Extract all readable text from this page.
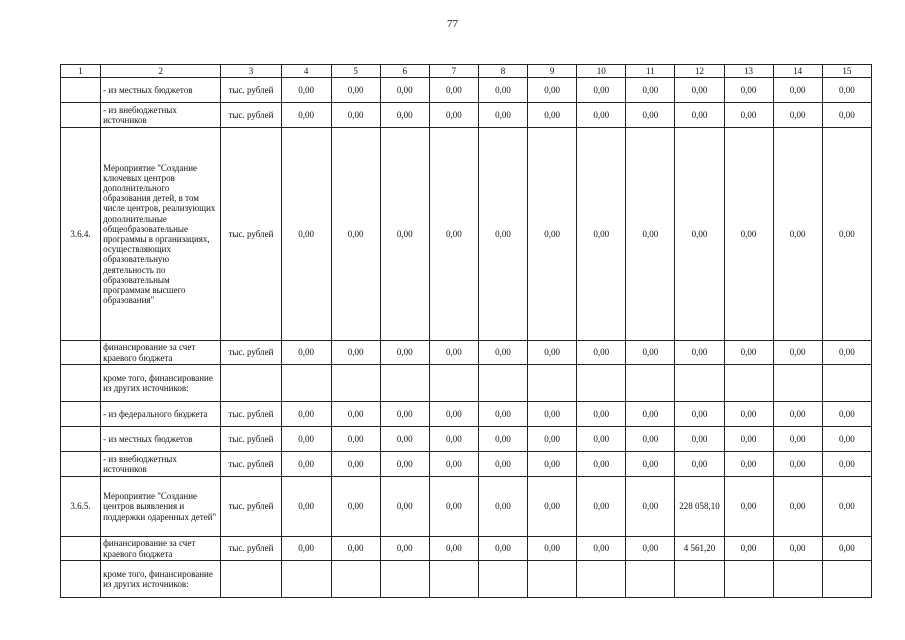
77
1	2	3	4	5	6	7	8	9	10	11	12	13	14	15
	- из местных бюджетов	тыс. рублей	0,00	0,00	0,00	0,00	0,00	0,00	0,00	0,00	0,00	0,00	0,00	0,00
	- из внебюджетных источников	тыс. рублей	0,00	0,00	0,00	0,00	0,00	0,00	0,00	0,00	0,00	0,00	0,00	0,00
3.6.4.	Мероприятие "Создание ключевых центров дополнительного образования детей, в том числе центров, реализующих дополнительные общеобразовательные программы в организациях, осуществляющих образовательную деятельность по образовательным программам высшего образования"	тыс. рублей	0,00	0,00	0,00	0,00	0,00	0,00	0,00	0,00	0,00	0,00	0,00	0,00
	финансирование за счет краевого бюджета	тыс. рублей	0,00	0,00	0,00	0,00	0,00	0,00	0,00	0,00	0,00	0,00	0,00	0,00
	кроме того, финансирование из других источников:													
	- из федерального бюджета	тыс. рублей	0,00	0,00	0,00	0,00	0,00	0,00	0,00	0,00	0,00	0,00	0,00	0,00
	- из местных бюджетов	тыс. рублей	0,00	0,00	0,00	0,00	0,00	0,00	0,00	0,00	0,00	0,00	0,00	0,00
	- из внебюджетных источников	тыс. рублей	0,00	0,00	0,00	0,00	0,00	0,00	0,00	0,00	0,00	0,00	0,00	0,00
3.6.5.	Мероприятие "Создание центров выявления и поддержки одаренных детей"	тыс. рублей	0,00	0,00	0,00	0,00	0,00	0,00	0,00	0,00	228 058,10	0,00	0,00	0,00
	финансирование за счет краевого бюджета	тыс. рублей	0,00	0,00	0,00	0,00	0,00	0,00	0,00	0,00	4 561,20	0,00	0,00	0,00
	кроме того, финансирование из других источников:													
